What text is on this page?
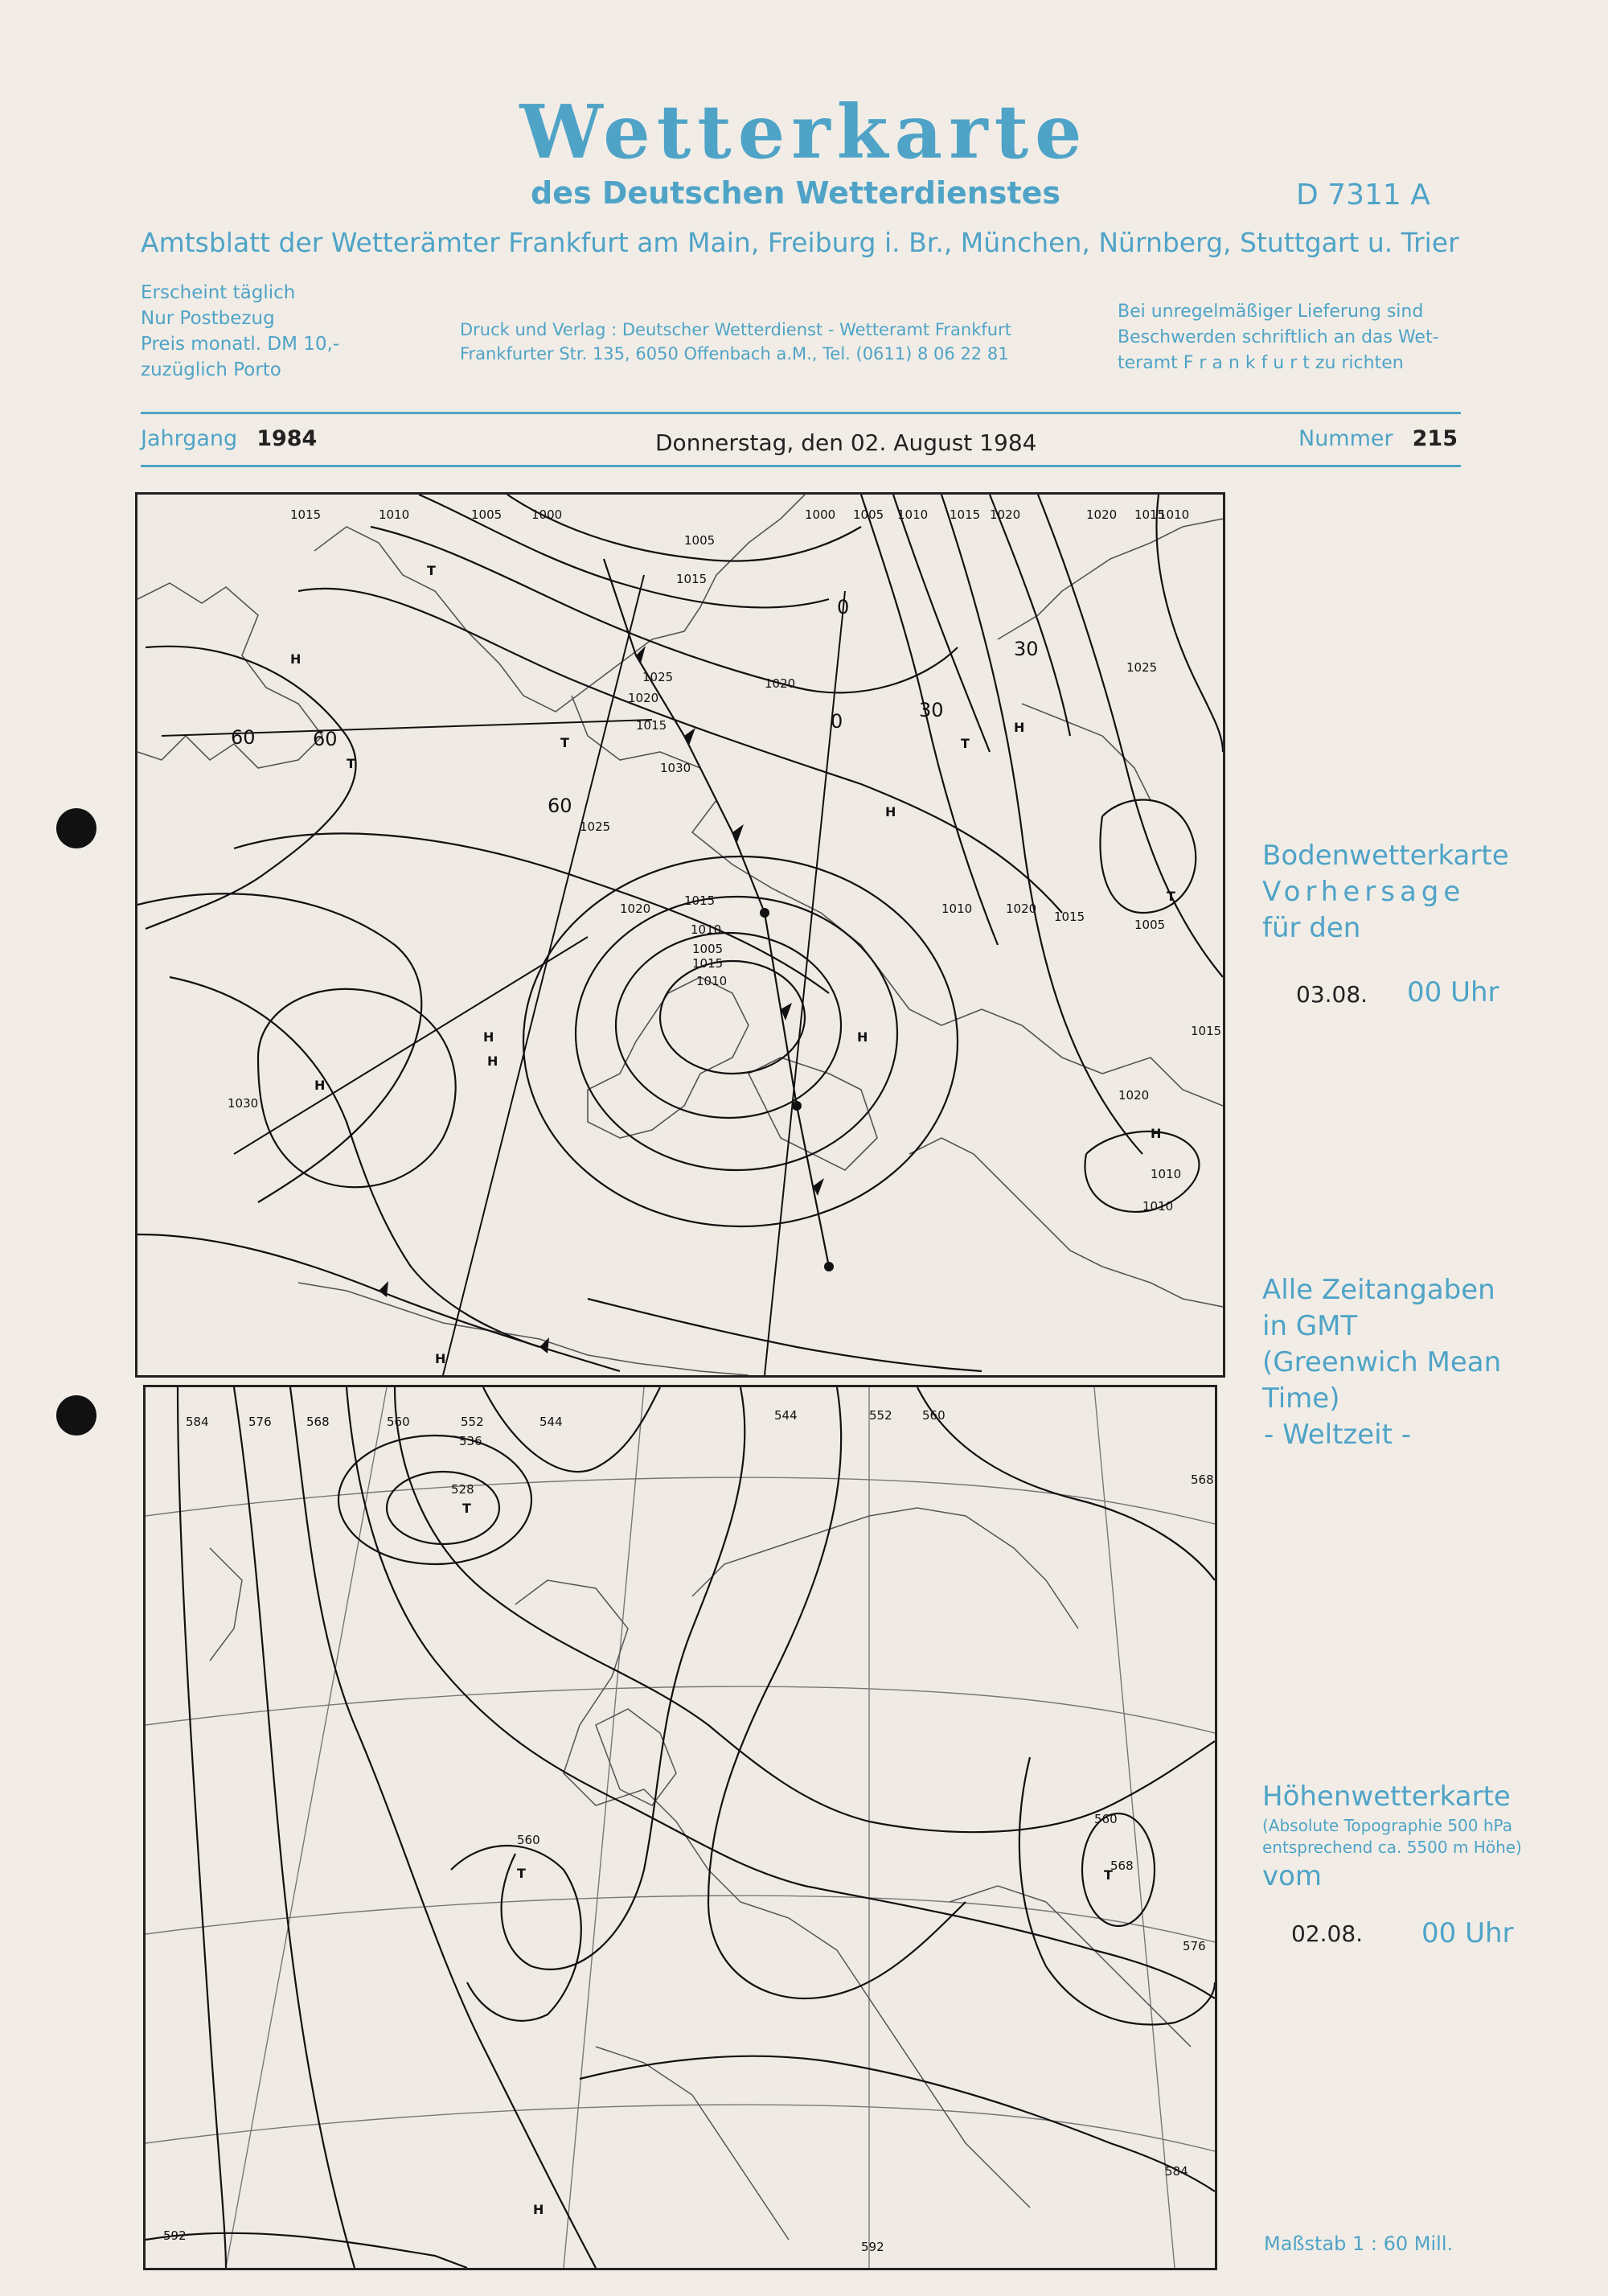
Wetterkarte
des Deutschen Wetterdienstes	D 7311 A
Amtsblatt der Wetterämter Frankfurt am Main, Freiburg i. Br., München, Nürnberg, Stuttgart u. Trier
Erscheint täglich
Nur Postbezug
Preis monatl. DM 10,-
zuzüglich Porto
Druck und Verlag : Deutscher Wetterdienst - Wetteramt Frankfurt
Frankfurter Str. 135, 6050 Offenbach a.M., Tel. (0611) 8 06 22 81
Bei unregelmäßiger Lieferung sind
Beschwerden schriftlich an das Wet-
teramt F r a n k f u r t zu richten
Jahrgang 1984	Donnerstag, den 02. August 1984	Nummer 215
1015	1010	1005 1000	1000 1005 1010 1015 1020	1020 1015
1010
1005
1015
1020
1025
1020
1015
1030
1025
1020
1015
1010
1005
1015
1010
1010	1020
1015
1015
1020
1030
1025
1005
1010
1010
H
T
T
T
H
H
H
H
T
H
H
T
H
H
60	60
60
30
30
0
0
584	576	568	560	552	544
536
528
544	552 560
568
560
560
568
576
584
592
592
T
T	T
H
Bodenwetterkarte
Vorhersage
für den
03.08. 00 Uhr
Alle Zeitangaben
in GMT
(Greenwich Mean
Time)
- Weltzeit -
Höhenwetterkarte
(Absolute Topographie 500 hPa
entsprechend ca. 5500 m Höhe)
vom
02.08. 00 Uhr
Maßstab 1 : 60 Mill.
